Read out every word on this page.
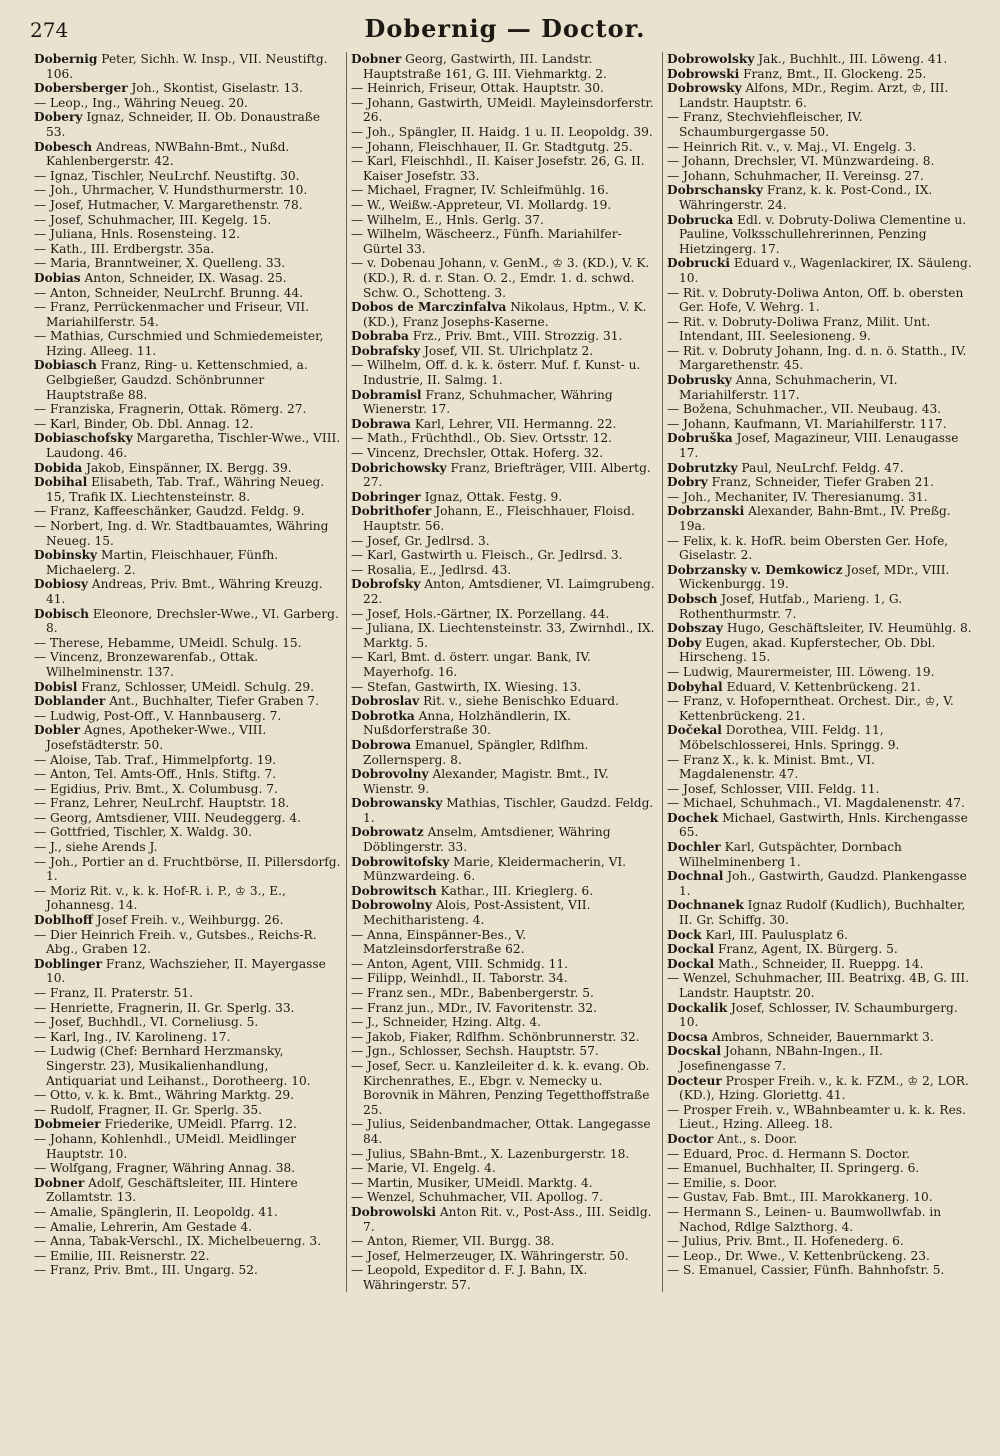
274	Dobernig — Doctor.

Dobernig Peter, Sichh. W. Insp., VII. Neustiftg. 106.

Dobersberger Joh., Skontist, Giselastr. 13.

— Leop., Ing., Währing Neueg. 20.

Dobery Ignaz, Schneider, II. Ob. Donaustraße 53.

Dobesch Andreas, NWBahn-Bmt., Nußd. Kahlenbergerstr. 42.

— Ignaz, Tischler, NeuLrchf. Neustiftg. 30.

— Joh., Uhrmacher, V. Hundsthurmerstr. 10.

— Josef, Hutmacher, V. Margarethenstr. 78.

— Josef, Schuhmacher, III. Kegelg. 15.

— Juliana, Hnls. Rosensteing. 12.

— Kath., III. Erdbergstr. 35a.

— Maria, Branntweiner, X. Quelleng. 33.

Dobias Anton, Schneider, IX. Wasag. 25.

— Anton, Schneider, NeuLrchf. Brunng. 44.

— Franz, Perrückenmacher und Friseur, VII. Mariahilferstr. 54.

— Mathias, Curschmied und Schmiedemeister, Hzing. Alleeg. 11.

Dobiasch Franz, Ring- u. Kettenschmied, a. Gelbgießer, Gaudzd. Schönbrunner Hauptstraße 88.

— Franziska, Fragnerin, Ottak. Römerg. 27.

— Karl, Binder, Ob. Dbl. Annag. 12.

Dobiaschofsky Margaretha, Tischler-Wwe., VIII. Laudong. 46.

Dobida Jakob, Einspänner, IX. Bergg. 39.

Dobihal Elisabeth, Tab. Traf., Währing Neueg. 15, Trafik IX. Liechtensteinstr. 8.

— Franz, Kaffeeschänker, Gaudzd. Feldg. 9.

— Norbert, Ing. d. Wr. Stadtbauamtes, Währing Neueg. 15.

Dobinsky Martin, Fleischhauer, Fünfh. Michaelerg. 2.

Dobiosy Andreas, Priv. Bmt., Währing Kreuzg. 41.

Dobisch Eleonore, Drechsler-Wwe., VI. Garberg. 8.

— Therese, Hebamme, UMeidl. Schulg. 15.

— Vincenz, Bronzewarenfab., Ottak. Wilhelminenstr. 137.

Dobisl Franz, Schlosser, UMeidl. Schulg. 29.

Doblander Ant., Buchhalter, Tiefer Graben 7.

— Ludwig, Post-Off., V. Hannbauserg. 7.

Dobler Agnes, Apotheker-Wwe., VIII. Josefstädterstr. 50.

— Aloise, Tab. Traf., Himmelpfortg. 19.

— Anton, Tel. Amts-Off., Hnls. Stiftg. 7.

— Egidius, Priv. Bmt., X. Columbusg. 7.

— Franz, Lehrer, NeuLrchf. Hauptstr. 18.

— Georg, Amtsdiener, VIII. Neudeggerg. 4.

— Gottfried, Tischler, X. Waldg. 30.

— J., siehe Arends J.

— Joh., Portier an d. Fruchtbörse, II. Pillersdorfg. 1.

— Moriz Rit. v., k. k. Hof-R. i. P., ♔ 3., E., Johannesg. 14.

Doblhoff Josef Freih. v., Weihburgg. 26.

— Dier Heinrich Freih. v., Gutsbes., Reichs-R. Abg., Graben 12.

Doblinger Franz, Wachszieher, II. Mayergasse 10.

— Franz, II. Praterstr. 51.

— Henriette, Fragnerin, II. Gr. Sperlg. 33.

— Josef, Buchhdl., VI. Corneliusg. 5.

— Karl, Ing., IV. Karolineng. 17.

— Ludwig (Chef: Bernhard Herzmansky, Singerstr. 23), Musikalienhandlung, Antiquariat und Leihanst., Dorotheerg. 10.

— Otto, v. k. k. Bmt., Währing Marktg. 29.

— Rudolf, Fragner, II. Gr. Sperlg. 35.

Dobmeier Friederike, UMeidl. Pfarrg. 12.

— Johann, Kohlenhdl., UMeidl. Meidlinger Hauptstr. 10.

— Wolfgang, Fragner, Währing Annag. 38.

Dobner Adolf, Geschäftsleiter, III. Hintere Zollamtstr. 13.

— Amalie, Spänglerin, II. Leopoldg. 41.

— Amalie, Lehrerin, Am Gestade 4.

— Anna, Tabak-Verschl., IX. Michelbeuerng. 3.

— Emilie, III. Reisnerstr. 22.

— Franz, Priv. Bmt., III. Ungarg. 52.

Dobner Georg, Gastwirth, III. Landstr. Hauptstraße 161, G. III. Viehmarktg. 2.

— Heinrich, Friseur, Ottak. Hauptstr. 30.

— Johann, Gastwirth, UMeidl. Mayleinsdorferstr. 26.

— Joh., Spängler, II. Haidg. 1 u. II. Leopoldg. 39.

— Johann, Fleischhauer, II. Gr. Stadtgutg. 25.

— Karl, Fleischhdl., II. Kaiser Josefstr. 26, G. II. Kaiser Josefstr. 33.

— Michael, Fragner, IV. Schleifmühlg. 16.

— W., Weißw.-Appreteur, VI. Mollardg. 19.

— Wilhelm, E., Hnls. Gerlg. 37.

— Wilhelm, Wäscheerz., Fünfh. Mariahilfer-Gürtel 33.

— v. Dobenau Johann, v. GenM., ♔ 3. (KD.), V. K. (KD.), R. d. r. Stan. O. 2., Emdr. 1. d. schwd. Schw. O., Schotteng. 3.

Dobos de Marczinfalva Nikolaus, Hptm., V. K. (KD.), Franz Josephs-Kaserne.

Dobraba Frz., Priv. Bmt., VIII. Strozzig. 31.

Dobrafsky Josef, VII. St. Ulrichplatz 2.

— Wilhelm, Off. d. k. k. österr. Muf. f. Kunst- u. Industrie, II. Salmg. 1.

Dobramisl Franz, Schuhmacher, Währing Wienerstr. 17.

Dobrawa Karl, Lehrer, VII. Hermanng. 22.

— Math., Früchthdl., Ob. Siev. Ortsstr. 12.

— Vincenz, Drechsler, Ottak. Hoferg. 32.

Dobrichowsky Franz, Briefträger, VIII. Albertg. 27.

Dobringer Ignaz, Ottak. Festg. 9.

Dobrithofer Johann, E., Fleischhauer, Floisd. Hauptstr. 56.

— Josef, Gr. Jedlrsd. 3.

— Karl, Gastwirth u. Fleisch., Gr. Jedlrsd. 3.

— Rosalia, E., Jedlrsd. 43.

Dobrofsky Anton, Amtsdiener, VI. Laimgrubeng. 22.

— Josef, Hols.-Gärtner, IX. Porzellang. 44.

— Juliana, IX. Liechtensteinstr. 33, Zwirnhdl., IX. Marktg. 5.

— Karl, Bmt. d. österr. ungar. Bank, IV. Mayerhofg. 16.

— Stefan, Gastwirth, IX. Wiesing. 13.

Dobroslav Rit. v., siehe Benischko Eduard.

Dobrotka Anna, Holzhändlerin, IX. Nußdorferstraße 30.

Dobrowa Emanuel, Spängler, Rdlfhm. Zollernsperg. 8.

Dobrovolny Alexander, Magistr. Bmt., IV. Wienstr. 9.

Dobrowansky Mathias, Tischler, Gaudzd. Feldg. 1.

Dobrowatz Anselm, Amtsdiener, Währing Döblingerstr. 33.

Dobrowitofsky Marie, Kleidermacherin, VI. Münzwardeing. 6.

Dobrowitsch Kathar., III. Krieglerg. 6.

Dobrowolny Alois, Post-Assistent, VII. Mechitharisteng. 4.

— Anna, Einspänner-Bes., V. Matzleinsdorferstraße 62.

— Anton, Agent, VIII. Schmidg. 11.

— Filipp, Weinhdl., II. Taborstr. 34.

— Franz sen., MDr., Babenbergerstr. 5.

— Franz jun., MDr., IV. Favoritenstr. 32.

— J., Schneider, Hzing. Altg. 4.

— Jakob, Fiaker, Rdlfhm. Schönbrunnerstr. 32.

— Jgn., Schlosser, Sechsh. Hauptstr. 57.

— Josef, Secr. u. Kanzleileiter d. k. k. evang. Ob. Kirchenrathes, E., Ebgr. v. Nemecky u. Borovnik in Mähren, Penzing Tegetthoffstraße 25.

— Julius, Seidenbandmacher, Ottak. Langegasse 84.

— Julius, SBahn-Bmt., X. Lazenburgerstr. 18.

— Marie, VI. Engelg. 4.

— Martin, Musiker, UMeidl. Marktg. 4.

— Wenzel, Schuhmacher, VII. Apollog. 7.

Dobrowolski Anton Rit. v., Post-Ass., III. Seidlg. 7.

— Anton, Riemer, VII. Burgg. 38.

— Josef, Helmerzeuger, IX. Währingerstr. 50.

— Leopold, Expeditor d. F. J. Bahn, IX. Währingerstr. 57.

Dobrowolsky Jak., Buchhlt., III. Löweng. 41.

Dobrowski Franz, Bmt., II. Glockeng. 25.

Dobrowsky Alfons, MDr., Regim. Arzt, ♔, III. Landstr. Hauptstr. 6.

— Franz, Stechviehfleischer, IV. Schaumburgergasse 50.

— Heinrich Rit. v., v. Maj., VI. Engelg. 3.

— Johann, Drechsler, VI. Münzwardeing. 8.

— Johann, Schuhmacher, II. Vereinsg. 27.

Dobrschansky Franz, k. k. Post-Cond., IX. Währingerstr. 24.

Dobrucka Edl. v. Dobruty-Doliwa Clementine u. Pauline, Volksschullehrerinnen, Penzing Hietzingerg. 17.

Dobrucki Eduard v., Wagenlackirer, IX. Säuleng. 10.

— Rit. v. Dobruty-Doliwa Anton, Off. b. obersten Ger. Hofe, V. Wehrg. 1.

— Rit. v. Dobruty-Doliwa Franz, Milit. Unt. Intendant, III. Seelesioneng. 9.

— Rit. v. Dobruty Johann, Ing. d. n. ö. Statth., IV. Margarethenstr. 45.

Dobrusky Anna, Schuhmacherin, VI. Mariahilferstr. 117.

— Božena, Schuhmacher., VII. Neubaug. 43.

— Johann, Kaufmann, VI. Mariahilferstr. 117.

Dobruška Josef, Magazineur, VIII. Lenaugasse 17.

Dobrutzky Paul, NeuLrchf. Feldg. 47.

Dobry Franz, Schneider, Tiefer Graben 21.

— Joh., Mechaniter, IV. Theresianumg. 31.

Dobrzanski Alexander, Bahn-Bmt., IV. Preßg. 19a.

— Felix, k. k. HofR. beim Obersten Ger. Hofe, Giselastr. 2.

Dobrzansky v. Demkowicz Josef, MDr., VIII. Wickenburgg. 19.

Dobsch Josef, Hutfab., Marieng. 1, G. Rothenthurmstr. 7.

Dobszay Hugo, Geschäftsleiter, IV. Heumühlg. 8.

Doby Eugen, akad. Kupferstecher, Ob. Dbl. Hirscheng. 15.

— Ludwig, Maurermeister, III. Löweng. 19.

Dobyhal Eduard, V. Kettenbrückeng. 21.

— Franz, v. Hofoperntheat. Orchest. Dir., ♔, V. Kettenbrückeng. 21.

Dočekal Dorothea, VIII. Feldg. 11, Möbelschlosserei, Hnls. Springg. 9.

— Franz X., k. k. Minist. Bmt., VI. Magdalenenstr. 47.

— Josef, Schlosser, VIII. Feldg. 11.

— Michael, Schuhmach., VI. Magdalenenstr. 47.

Dochek Michael, Gastwirth, Hnls. Kirchengasse 65.

Dochler Karl, Gutspächter, Dornbach Wilhelminenberg 1.

Dochnal Joh., Gastwirth, Gaudzd. Plankengasse 1.

Dochnanek Ignaz Rudolf (Kudlich), Buchhalter, II. Gr. Schiffg. 30.

Dock Karl, III. Paulusplatz 6.

Dockal Franz, Agent, IX. Bürgerg. 5.

Dockal Math., Schneider, II. Rueppg. 14.

— Wenzel, Schuhmacher, III. Beatrixg. 4B, G. III. Landstr. Hauptstr. 20.

Dockalik Josef, Schlosser, IV. Schaumburgerg. 10.

Docsa Ambros, Schneider, Bauernmarkt 3.

Docskal Johann, NBahn-Ingen., II. Josefinengasse 7.

Docteur Prosper Freih. v., k. k. FZM., ♔ 2, LOR. (KD.), Hzing. Gloriettg. 41.

— Prosper Freih. v., WBahnbeamter u. k. k. Res. Lieut., Hzing. Alleeg. 18.

Doctor Ant., s. Door.

— Eduard, Proc. d. Hermann S. Doctor.

— Emanuel, Buchhalter, II. Springerg. 6.

— Emilie, s. Door.

— Gustav, Fab. Bmt., III. Marokkanerg. 10.

— Hermann S., Leinen- u. Baumwollwfab. in Nachod, Rdlge Salzthorg. 4.

— Julius, Priv. Bmt., II. Hofenederg. 6.

— Leop., Dr. Wwe., V. Kettenbrückeng. 23.

— S. Emanuel, Cassier, Fünfh. Bahnhofstr. 5.
